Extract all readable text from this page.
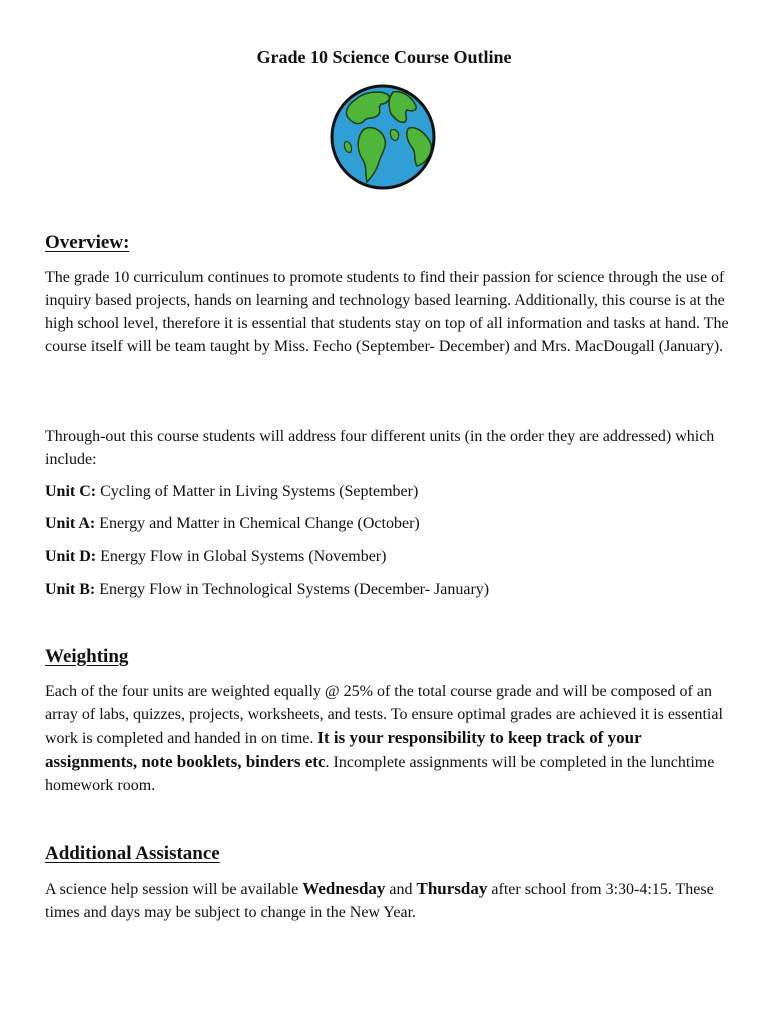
Grade 10 Science Course Outline
Overview:

The grade 10 curriculum continues to promote students to find their passion for science through the use of inquiry based projects, hands on learning and technology based learning. Additionally, this course is at the high school level, therefore it is essential that students stay on top of all information and tasks at hand. The course itself will be team taught by Miss. Fecho (September- December) and Mrs. MacDougall (January).

Through-out this course students will address four different units (in the order they are addressed) which include:

Unit C: Cycling of Matter in Living Systems (September)
Unit A: Energy and Matter in Chemical Change (October)
Unit D: Energy Flow in Global Systems (November)
Unit B: Energy Flow in Technological Systems (December- January)
Weighting

Each of the four units are weighted equally @ 25% of the total course grade and will be composed of an array of labs, quizzes, projects, worksheets, and tests. To ensure optimal grades are achieved it is essential work is completed and handed in on time. It is your responsibility to keep track of your assignments, note booklets, binders etc. Incomplete assignments will be completed in the lunchtime homework room.

Additional Assistance

A science help session will be available Wednesday and Thursday after school from 3:30-4:15. These times and days may be subject to change in the New Year.
